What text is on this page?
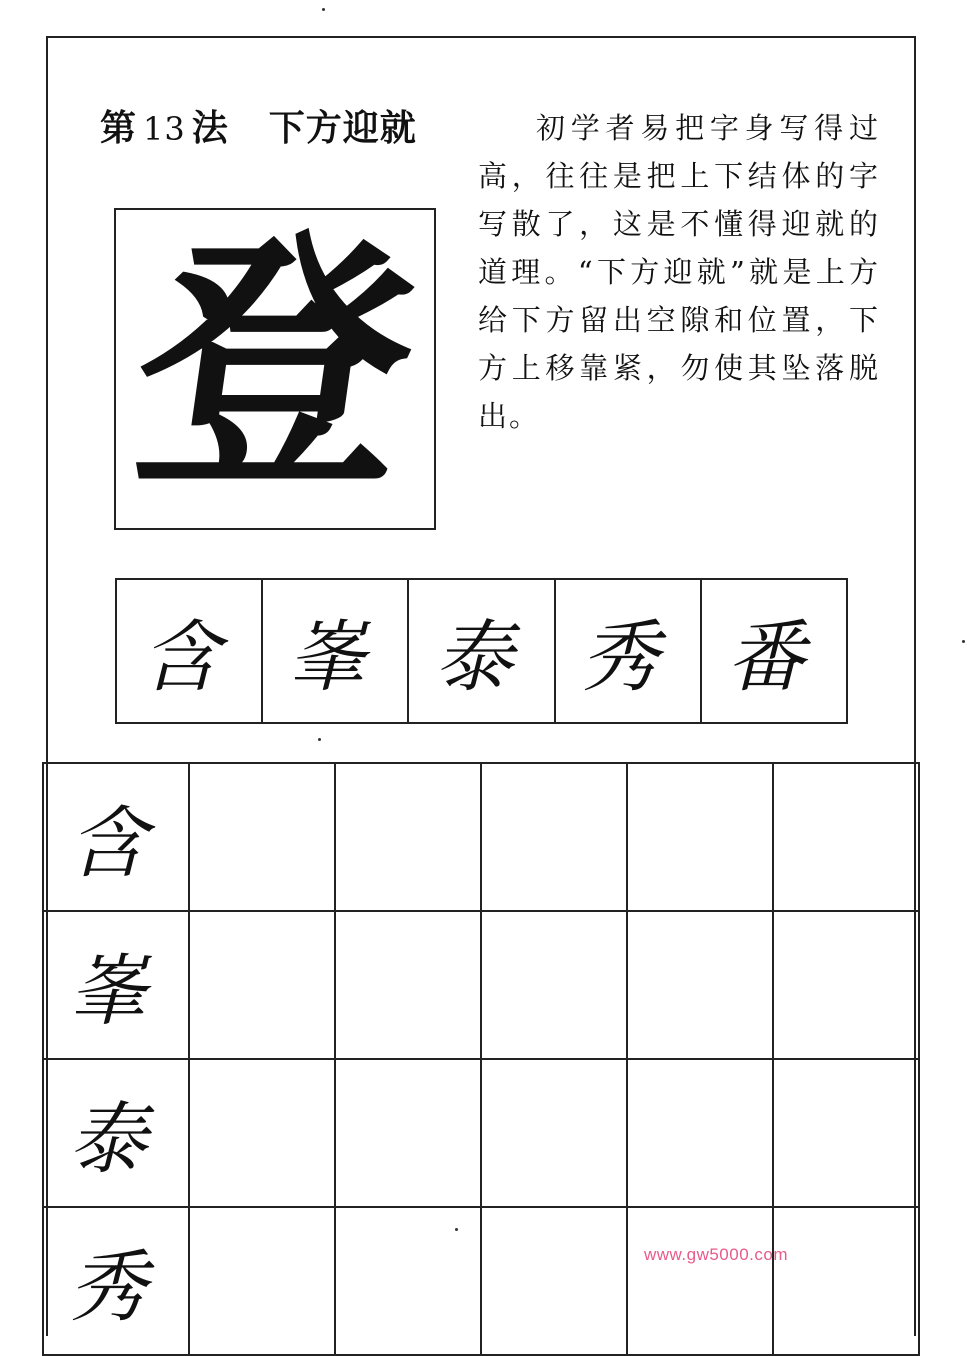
第 13 法 下方迎就	初学者易把字身写得过高，往往是把上下结体的字写散了，这是不懂得迎就的道理。“下方迎就”就是上方给下方留出空隙和位置，下方上移靠紧，勿使其坠落脱出。
登
含 峯 泰 秀 番
含
峯
泰
秀	www.gw5000.com
